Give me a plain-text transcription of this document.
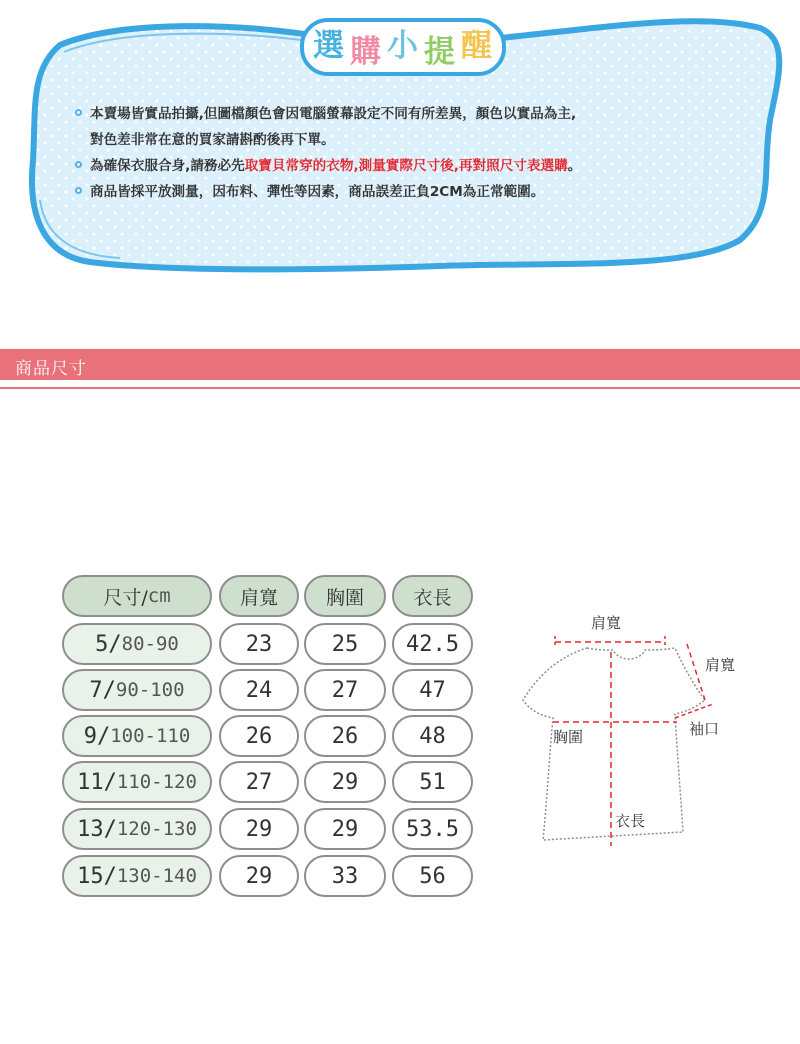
選 購 小 提 醒
本賣場皆實品拍攝,但圖檔顏色會因電腦螢幕設定不同有所差異，顏色以實品為主,
對色差非常在意的買家請斟酌後再下單。
為確保衣服合身,請務必先取寶貝常穿的衣物,測量實際尺寸後,再對照尺寸表選購。
商品皆採平放測量，因布料、彈性等因素，商品誤差正負2CM為正常範圍。
商品尺寸
尺寸/ cm	肩寬	胸圍	衣長
5/ 80-90	23	25	42.5
7/ 90-100	24	27	47
9/ 100-110	26	26	48
11/ 110-120	27	29	51
13/ 120-130	29	29	53.5
15/ 130-140	29	33	56
肩寬
肩寬
袖口
胸圍
衣長
